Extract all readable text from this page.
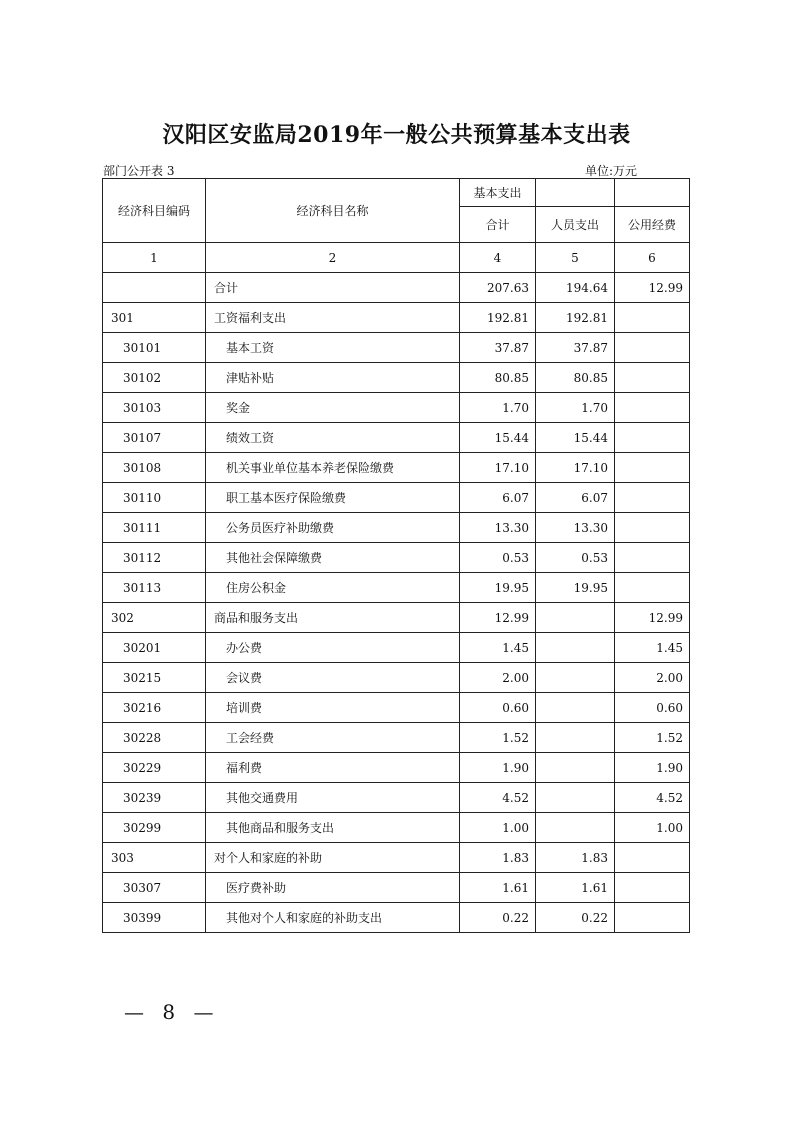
汉阳区安监局2019年一般公共预算基本支出表
部门公开表 3	单位:万元
经济科目编码	经济科目名称	基本支出		
		合计	人员支出	公用经费
1	2	4	5	6
	合计	207.63	194.64	12.99
301	工资福利支出	192.81	192.81	
30101	基本工资	37.87	37.87	
30102	津贴补贴	80.85	80.85	
30103	奖金	1.70	1.70	
30107	绩效工资	15.44	15.44	
30108	机关事业单位基本养老保险缴费	17.10	17.10	
30110	职工基本医疗保险缴费	6.07	6.07	
30111	公务员医疗补助缴费	13.30	13.30	
30112	其他社会保障缴费	0.53	0.53	
30113	住房公积金	19.95	19.95	
302	商品和服务支出	12.99		12.99
30201	办公费	1.45		1.45
30215	会议费	2.00		2.00
30216	培训费	0.60		0.60
30228	工会经费	1.52		1.52
30229	福利费	1.90		1.90
30239	其他交通费用	4.52		4.52
30299	其他商品和服务支出	1.00		1.00
303	对个人和家庭的补助	1.83	1.83	
30307	医疗费补助	1.61	1.61	
30399	其他对个人和家庭的补助支出	0.22	0.22	
— 8 —
